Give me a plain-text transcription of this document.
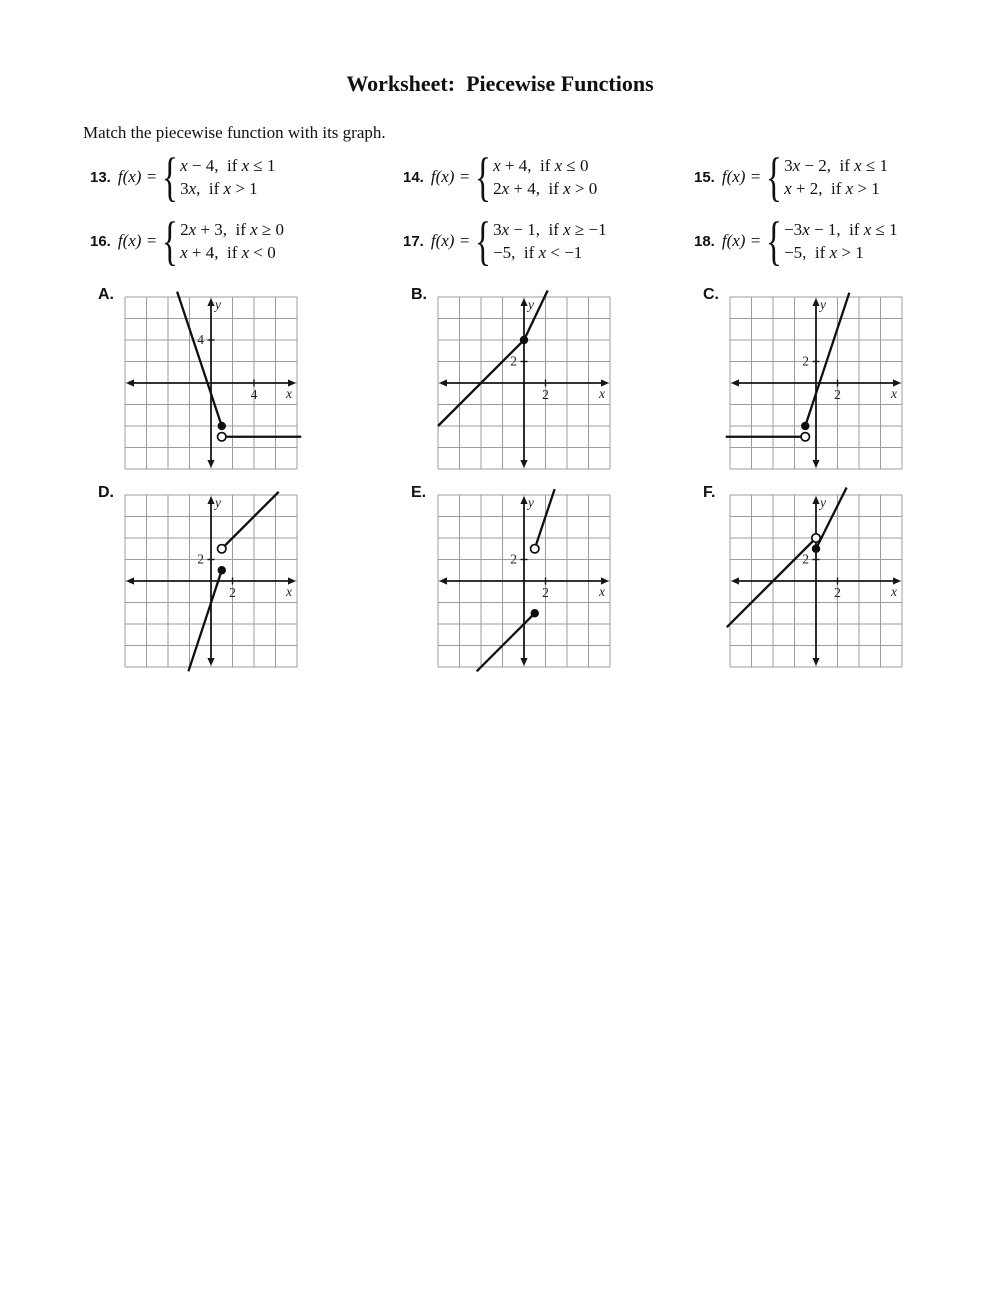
Worksheet:  Piecewise Functions

Match the piecewise function with its graph.

13. f(x) = { x − 4,  if x ≤ 1
3x,  if x > 1
14. f(x) = { x + 4,  if x ≤ 0
2x + 4,  if x > 0
15. f(x) = { 3x − 2,  if x ≤ 1
x + 2,  if x > 1
16. f(x) = { 2x + 3,  if x ≥ 0
x + 4,  if x < 0
17. f(x) = { 3x − 1,  if x ≥ −1
−5,  if x < −1
18. f(x) = { −3x − 1,  if x ≤ 1
−5,  if x > 1
A.
4
4
y
x
B.
2
2
y
x
C.
2
2
y
x
D.
2
2
y
x
E.
2
2
y
x
F.
2
2
y
x
